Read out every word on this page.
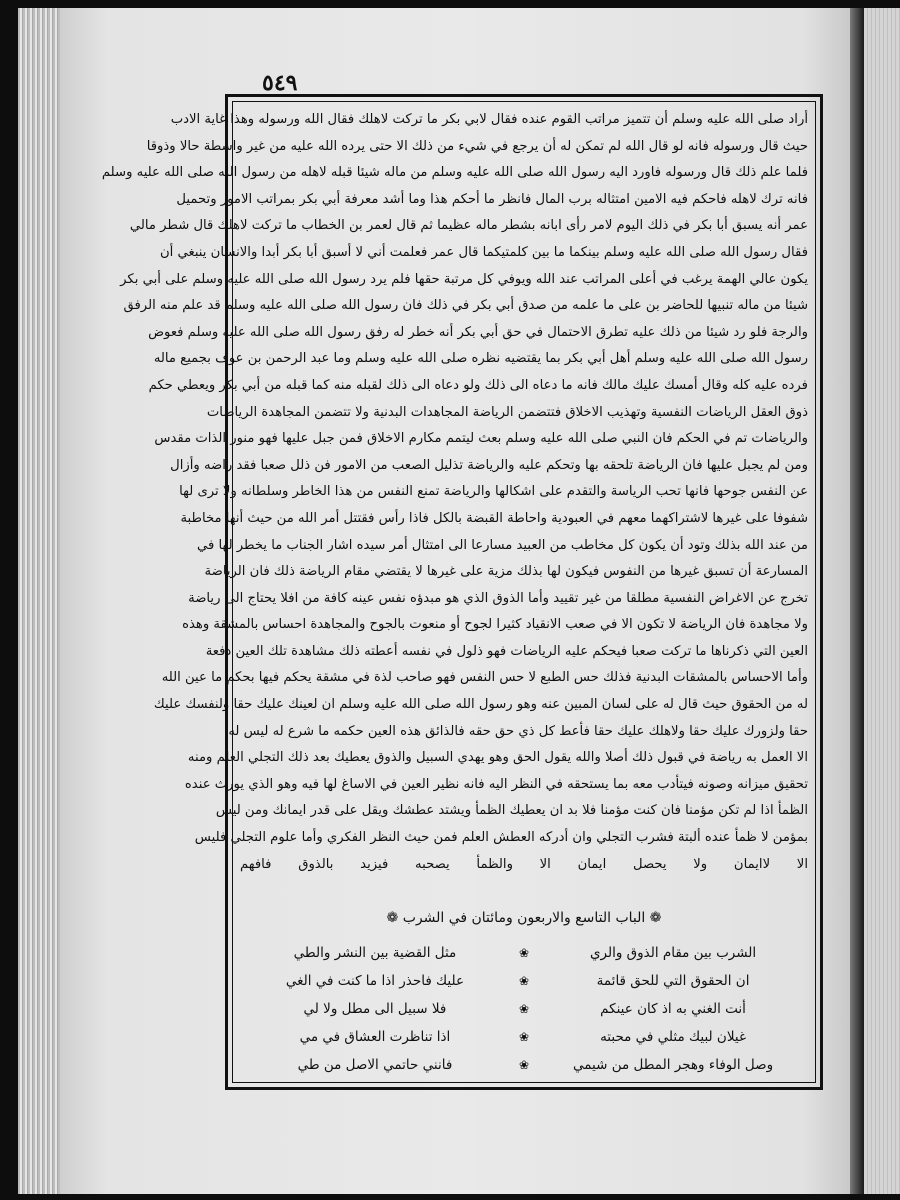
٥٤٩
أراد صلى الله عليه وسلم أن تتميز مراتب القوم عنده فقال لابي بكر ما تركت لاهلك فقال الله ورسوله وهذا غاية الادب
حيث قال ورسوله فانه لو قال الله لم تمكن له أن يرجع في شيء من ذلك الا حتى يرده الله عليه من غير واسطة حالا وذوقا
فلما علم ذلك قال ورسوله فاورد اليه رسول الله صلى الله عليه وسلم من ماله شيئا قبله لاهله من رسول الله صلى الله عليه وسلم
فانه ترك لاهله فاحكم فيه الامين امتثاله برب المال فانظر ما أحكم هذا وما أشد معرفة أبي بكر بمراتب الامور وتحميل
عمر أنه يسبق أبا بكر في ذلك اليوم لامر رأى ابانه بشطر ماله عظيما ثم قال لعمر بن الخطاب ما تركت لاهلك قال شطر مالي
فقال رسول الله صلى الله عليه وسلم بينكما ما بين كلمتيكما قال عمر فعلمت أني لا أسبق أبا بكر أبدا والانسان ينبغي أن
يكون عالي الهمة يرغب في أعلى المراتب عند الله ويوفي كل مرتبة حقها فلم يرد رسول الله صلى الله عليه وسلم على أبي بكر
شيئا من ماله تنبيها للحاضر بن على ما علمه من صدق أبي بكر في ذلك فان رسول الله صلى الله عليه وسلم قد علم منه الرفق
والرجة فلو رد شيئا من ذلك عليه تطرق الاحتمال في حق أبي بكر أنه خطر له رفق رسول الله صلى الله عليه وسلم فعوض
رسول الله صلى الله عليه وسلم أهل أبي بكر بما يقتضيه نظره صلى الله عليه وسلم وما عبد الرحمن بن عوف بجميع ماله
فرده عليه كله وقال أمسك عليك مالك فانه ما دعاه الى ذلك ولو دعاه الى ذلك لقبله منه كما قبله من أبي بكر ويعطي حكم
ذوق العقل الرياضات النفسية وتهذيب الاخلاق فتتضمن الرياضة المجاهدات البدنية ولا تتضمن المجاهدة الرياضات
والرياضات تم في الحكم فان النبي صلى الله عليه وسلم بعث ليتمم مكارم الاخلاق فمن جبل عليها فهو منور الذات مقدس
ومن لم يجبل عليها فان الرياضة تلحقه بها وتحكم عليه والرياضة تذليل الصعب من الامور فن ذلل صعبا فقد راضه وأزال
عن النفس جوحها فانها تحب الرياسة والتقدم على اشكالها والرياضة تمنع النفس من هذا الخاطر وسلطانه ولا ترى لها
شفوفا على غيرها لاشتراكهما معهم في العبودية واحاطة القبضة بالكل فاذا رأس فقتتل أمر الله من حيث أنها مخاطبة
من عند الله بذلك وتود أن يكون كل مخاطب من العبيد مسارعا الى امتثال أمر سيده اشار الجناب ما يخطر لها في
المسارعة أن تسبق غيرها من النفوس فيكون لها بذلك مزية على غيرها لا يقتضي مقام الرياضة ذلك فان الرياضة
تخرج عن الاغراض النفسية مطلقا من غير تقييد وأما الذوق الذي هو مبدؤه نفس عينه كافة من افلا يحتاج الى رياضة
ولا مجاهدة فان الرياضة لا تكون الا في صعب الانقياد كثيرا لجوح أو منعوت بالجوح والمجاهدة احساس بالمشقة وهذه
العين التي ذكرناها ما تركت صعبا فيحكم عليه الرياضات فهو ذلول في نفسه أعطته ذلك مشاهدة تلك العين دفعة
وأما الاحساس بالمشقات البدنية فذلك حس الطبع لا حس النفس فهو صاحب لذة في مشقة يحكم فيها بحكم ما عين الله
له من الحقوق حيث قال له على لسان المبين عنه وهو رسول الله صلى الله عليه وسلم ان لعينك عليك حقا ولنفسك عليك
حقا ولزورك عليك حقا ولاهلك عليك حقا فأعط كل ذي حق حقه فالذائق هذه العين حكمه ما شرع له ليس له
الا العمل به رياضة في قبول ذلك أصلا والله يقول الحق وهو يهدي السبيل والذوق يعطيك بعد ذلك التجلي العلم ومنه
تحقيق ميزانه وصونه فيتأدب معه بما يستحقه في النظر اليه فانه نظير العين في الاساغ لها فيه وهو الذي يورث عنده
الظمأ اذا لم تكن مؤمنا فان كنت مؤمنا فلا بد ان يعطيك الظمأ ويشتد عطشك ويقل على قدر ايمانك ومن ليس
بمؤمن لا ظمأ عنده ألبتة فشرب التجلي وان أدركه العطش العلم فمن حيث النظر الفكري وأما علوم التجلي فليس
الا لاايمان ولا يحصل ايمان الا والظمأ يصحبه فيزيد بالذوق فافهم
❁ الباب التاسع والاربعون ومائتان في الشرب ❁
الشرب بين مقام الذوق والري
❀
مثل القضية بين النشر والطي
ان الحقوق التي للحق قائمة
❀
عليك فاحذر اذا ما كنت في الغي
أنت الغني به اذ كان عينكم
❀
فلا سبيل الى مطل ولا لي
غيلان لبيك مثلي في محبته
❀
اذا تناظرت العشاق في مي
وصل الوفاء وهجر المطل من شيمي
❀
فانني حاتمي الاصل من طي
